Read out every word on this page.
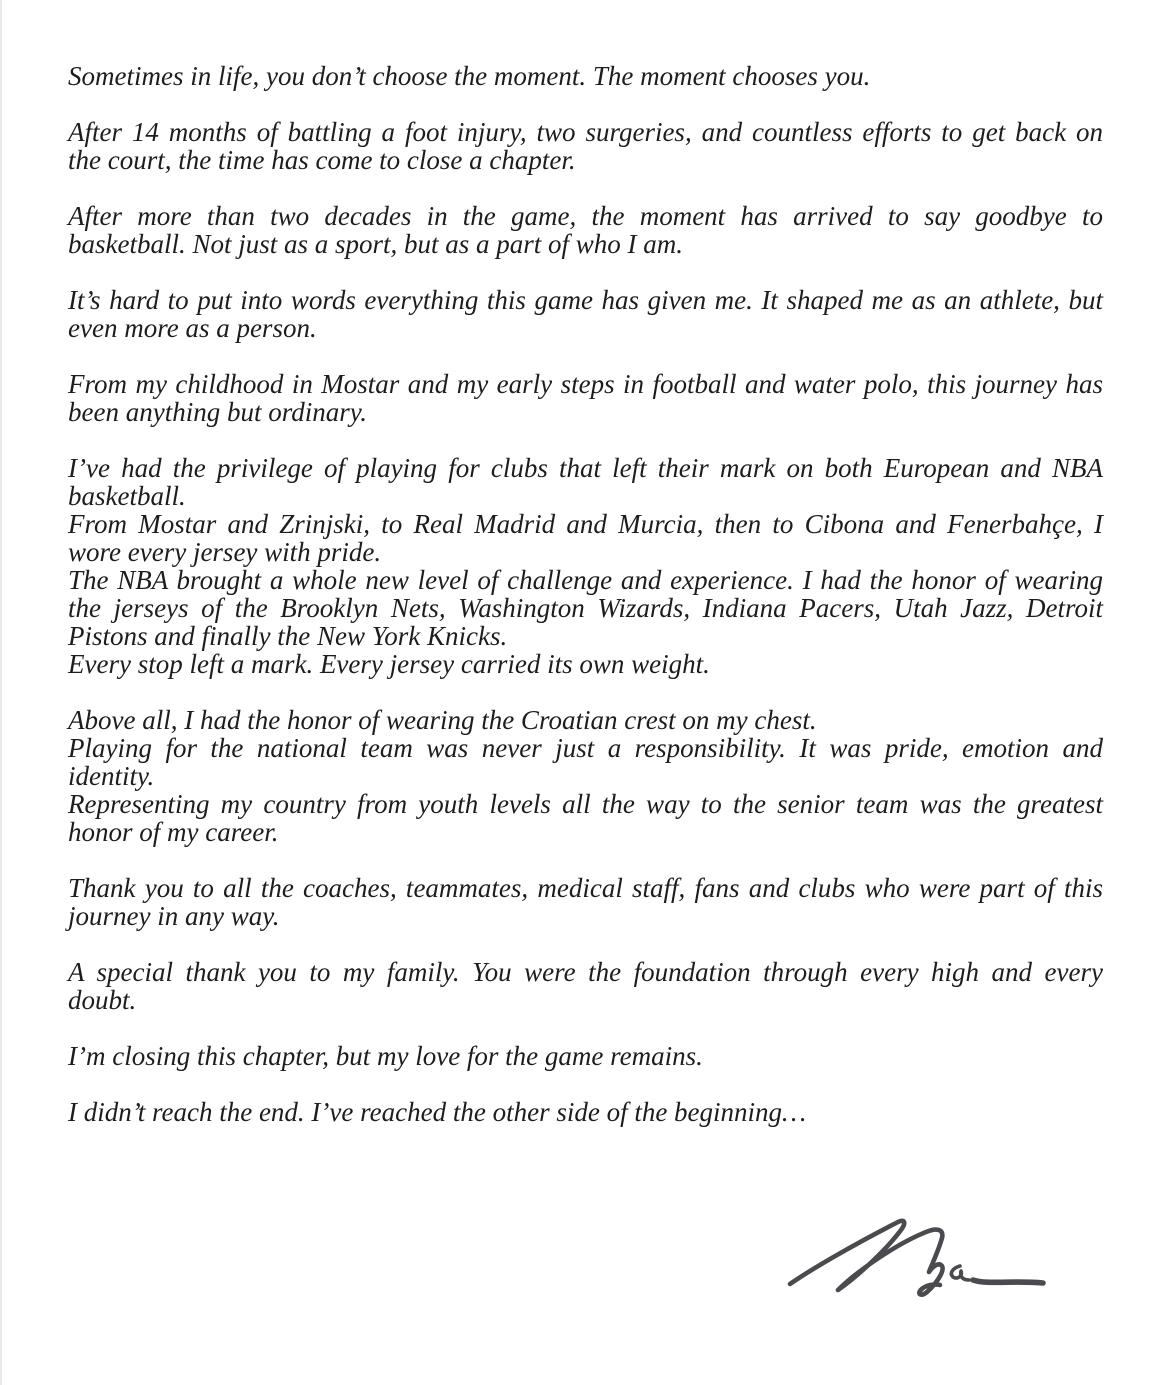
Sometimes in life, you don’t choose the moment. The moment chooses you.
After 14 months of battling a foot injury, two surgeries, and countless efforts to get back on
the court, the time has come to close a chapter.
After more than two decades in the game, the moment has arrived to say goodbye to
basketball. Not just as a sport, but as a part of who I am.
It’s hard to put into words everything this game has given me. It shaped me as an athlete, but
even more as a person.
From my childhood in Mostar and my early steps in football and water polo, this journey has
been anything but ordinary.
I’ve had the privilege of playing for clubs that left their mark on both European and NBA
basketball.
From Mostar and Zrinjski, to Real Madrid and Murcia, then to Cibona and Fenerbahçe, I
wore every jersey with pride.
The NBA brought a whole new level of challenge and experience. I had the honor of wearing
the jerseys of the Brooklyn Nets, Washington Wizards, Indiana Pacers, Utah Jazz, Detroit
Pistons and finally the New York Knicks.
Every stop left a mark. Every jersey carried its own weight.
Above all, I had the honor of wearing the Croatian crest on my chest.
Playing for the national team was never just a responsibility. It was pride, emotion and
identity.
Representing my country from youth levels all the way to the senior team was the greatest
honor of my career.
Thank you to all the coaches, teammates, medical staff, fans and clubs who were part of this
journey in any way.
A special thank you to my family. You were the foundation through every high and every
doubt.
I’m closing this chapter, but my love for the game remains.
I didn’t reach the end. I’ve reached the other side of the beginning…
